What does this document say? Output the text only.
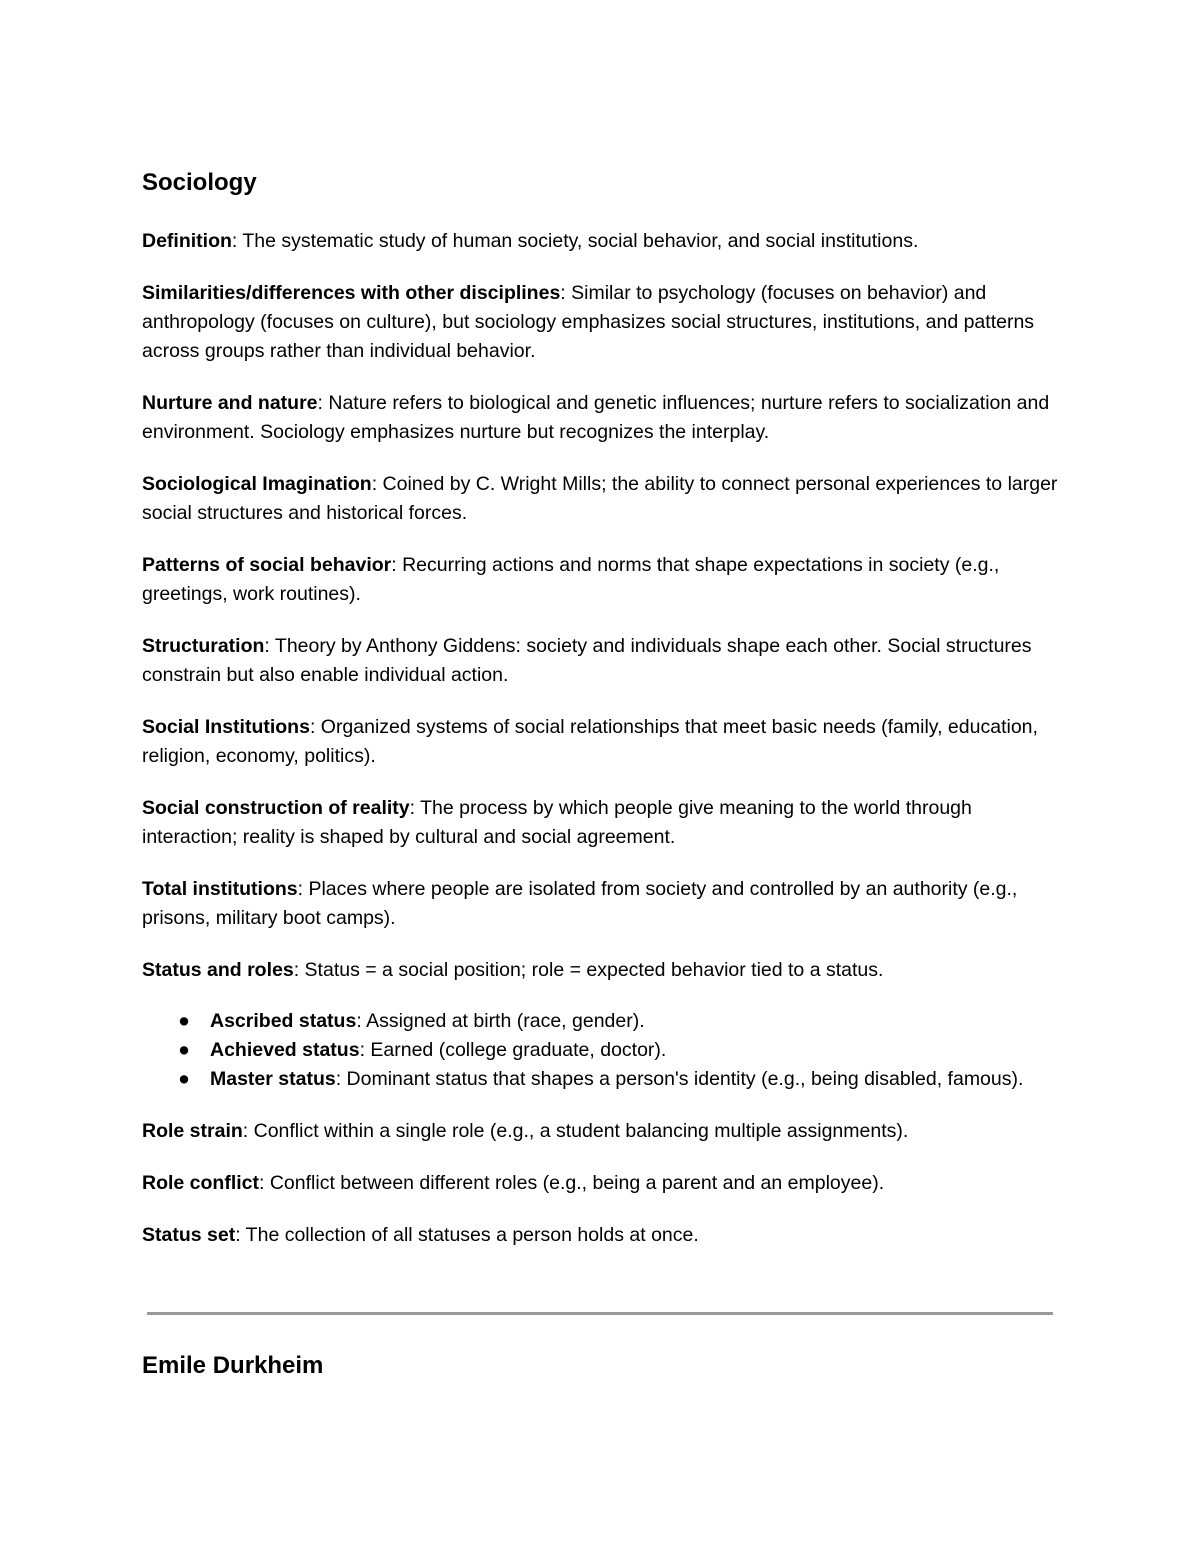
Sociology

Definition: The systematic study of human society, social behavior, and social institutions.

Similarities/differences with other disciplines: Similar to psychology (focuses on behavior) and anthropology (focuses on culture), but sociology emphasizes social structures, institutions, and patterns across groups rather than individual behavior.

Nurture and nature: Nature refers to biological and genetic influences; nurture refers to socialization and environment. Sociology emphasizes nurture but recognizes the interplay.

Sociological Imagination: Coined by C. Wright Mills; the ability to connect personal experiences to larger social structures and historical forces.

Patterns of social behavior: Recurring actions and norms that shape expectations in society (e.g., greetings, work routines).

Structuration: Theory by Anthony Giddens: society and individuals shape each other. Social structures constrain but also enable individual action.

Social Institutions: Organized systems of social relationships that meet basic needs (family, education, religion, economy, politics).

Social construction of reality: The process by which people give meaning to the world through interaction; reality is shaped by cultural and social agreement.

Total institutions: Places where people are isolated from society and controlled by an authority (e.g., prisons, military boot camps).

Status and roles: Status = a social position; role = expected behavior tied to a status.

● Ascribed status: Assigned at birth (race, gender).
● Achieved status: Earned (college graduate, doctor).
● Master status: Dominant status that shapes a person's identity (e.g., being disabled, famous).

Role strain: Conflict within a single role (e.g., a student balancing multiple assignments).

Role conflict: Conflict between different roles (e.g., being a parent and an employee).

Status set: The collection of all statuses a person holds at once.

Emile Durkheim
